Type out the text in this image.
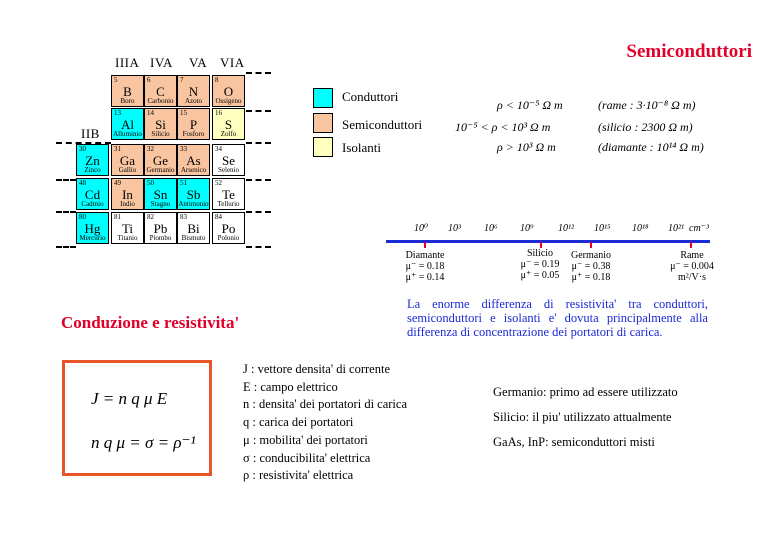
Semiconduttori
IIIA IVA VA VIA
IIB
5
B
Boro
6
C
Carbonio
7
N
Azoto
8
O
Ossigeno
13
Al
Alluminio
14
Si
Silicio
15
P
Fosforo
16
S
Zolfo
30
Zn
Zinco
31
Ga
Gallio
32
Ge
Germanio
33
As
Arsenico
34
Se
Selenio
48
Cd
Cadmio
49
In
Indio
50
Sn
Stagno
51
Sb
Antimonio
52
Te
Tellurio
80
Hg
Mercurio
81
Ti
Titanio
82
Pb
Piombo
83
Bi
Bismuto
84
Po
Polonio
Conduttori
Semiconduttori
Isolanti
ρ < 10⁻⁵ Ω m
10⁻⁵ < ρ < 10³ Ω m
ρ > 10³ Ω m
(rame : 3·10⁻⁸ Ω m)
(silicio : 2300 Ω m)
(diamante : 10¹⁴ Ω m)
10⁰ 10³ 10⁶ 10⁹ 10¹² 10¹⁵ 10¹⁸ 10²¹ cm⁻³
Diamante
μ⁻ = 0.18
μ⁺ = 0.14
Silicio
μ⁻ = 0.19
μ⁺ = 0.05
Germanio
μ⁻ = 0.38
μ⁺ = 0.18
Rame
μ⁻ = 0.004
m²/V·s
La enorme differenza di resistivita' tra conduttori, semiconduttori e isolanti e' dovuta principalmente alla differenza di concentrazione dei portatori di carica.
Conduzione e resistivita'
J = n q μ E
n q μ = σ = ρ⁻¹
J : vettore densita' di corrente
E : campo elettrico
n : densita' dei portatori di carica
q : carica dei portatori
μ : mobilita' dei portatori
σ : conducibilita' elettrica
ρ : resistivita' elettrica
Germanio: primo ad essere utilizzato
Silicio: il piu' utilizzato attualmente
GaAs, InP: semiconduttori misti
